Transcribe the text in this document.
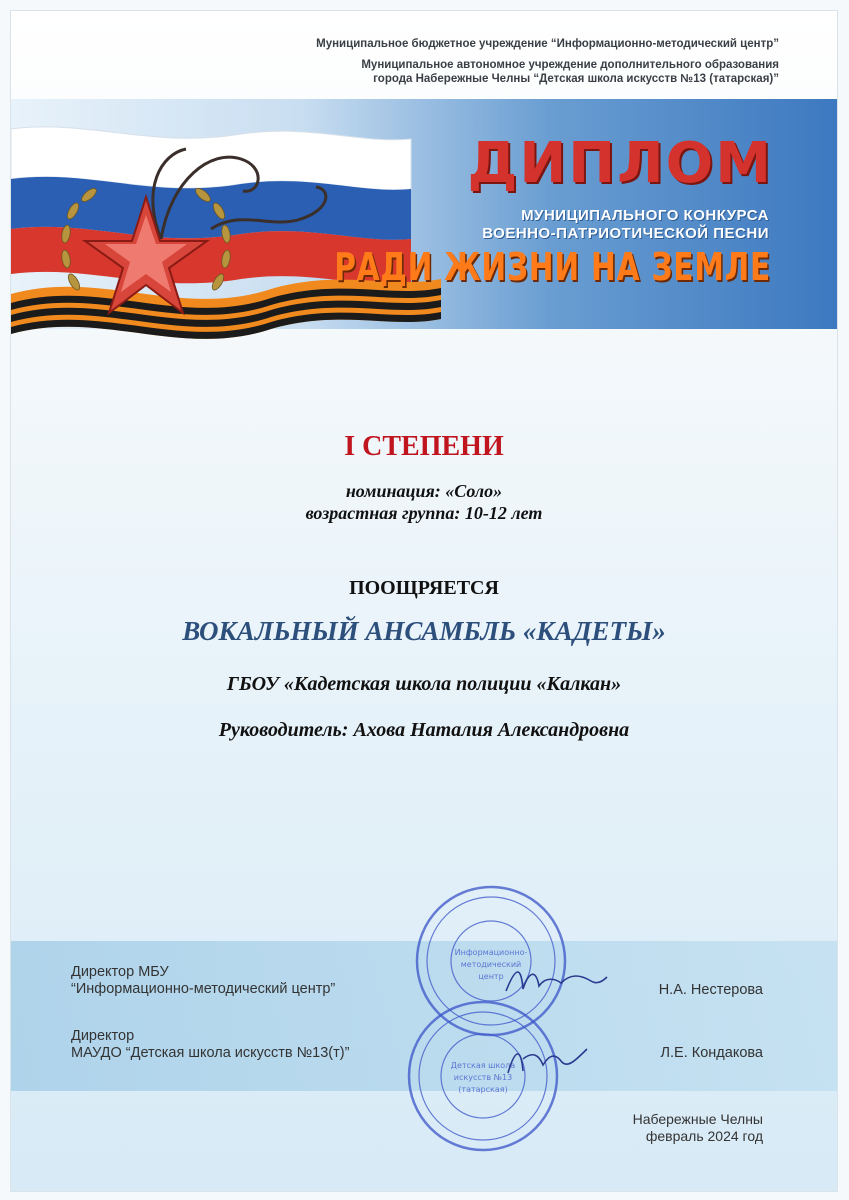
Муниципальное бюджетное учреждение “Информационно-методический центр”

Муниципальное автономное учреждение дополнительного образования
города Набережные Челны “Детская школа искусств №13 (татарская)”

ДИПЛОМ

МУНИЦИПАЛЬНОГО КОНКУРСА

ВОЕННО-ПАТРИОТИЧЕСКОЙ ПЕСНИ

РАДИ ЖИЗНИ НА ЗЕМЛЕ

I СТЕПЕНИ

номинация: «Соло»

возрастная группа: 10-12 лет

ПООЩРЯЕТСЯ

ВОКАЛЬНЫЙ АНСАМБЛЬ «КАДЕТЫ»

ГБОУ «Кадетская школа полиции «Калкан»

Руководитель: Ахова Наталия Александровна

Директор МБУ
“Информационно-методический центр”	Н.А. Нестерова

Директор
МАУДО “Детская школа искусств №13(т)”	Л.Е. Кондакова

Информационно-
методический
центр
Детская школа
искусств №13
(татарская)

Набережные Челны
февраль 2024 год
